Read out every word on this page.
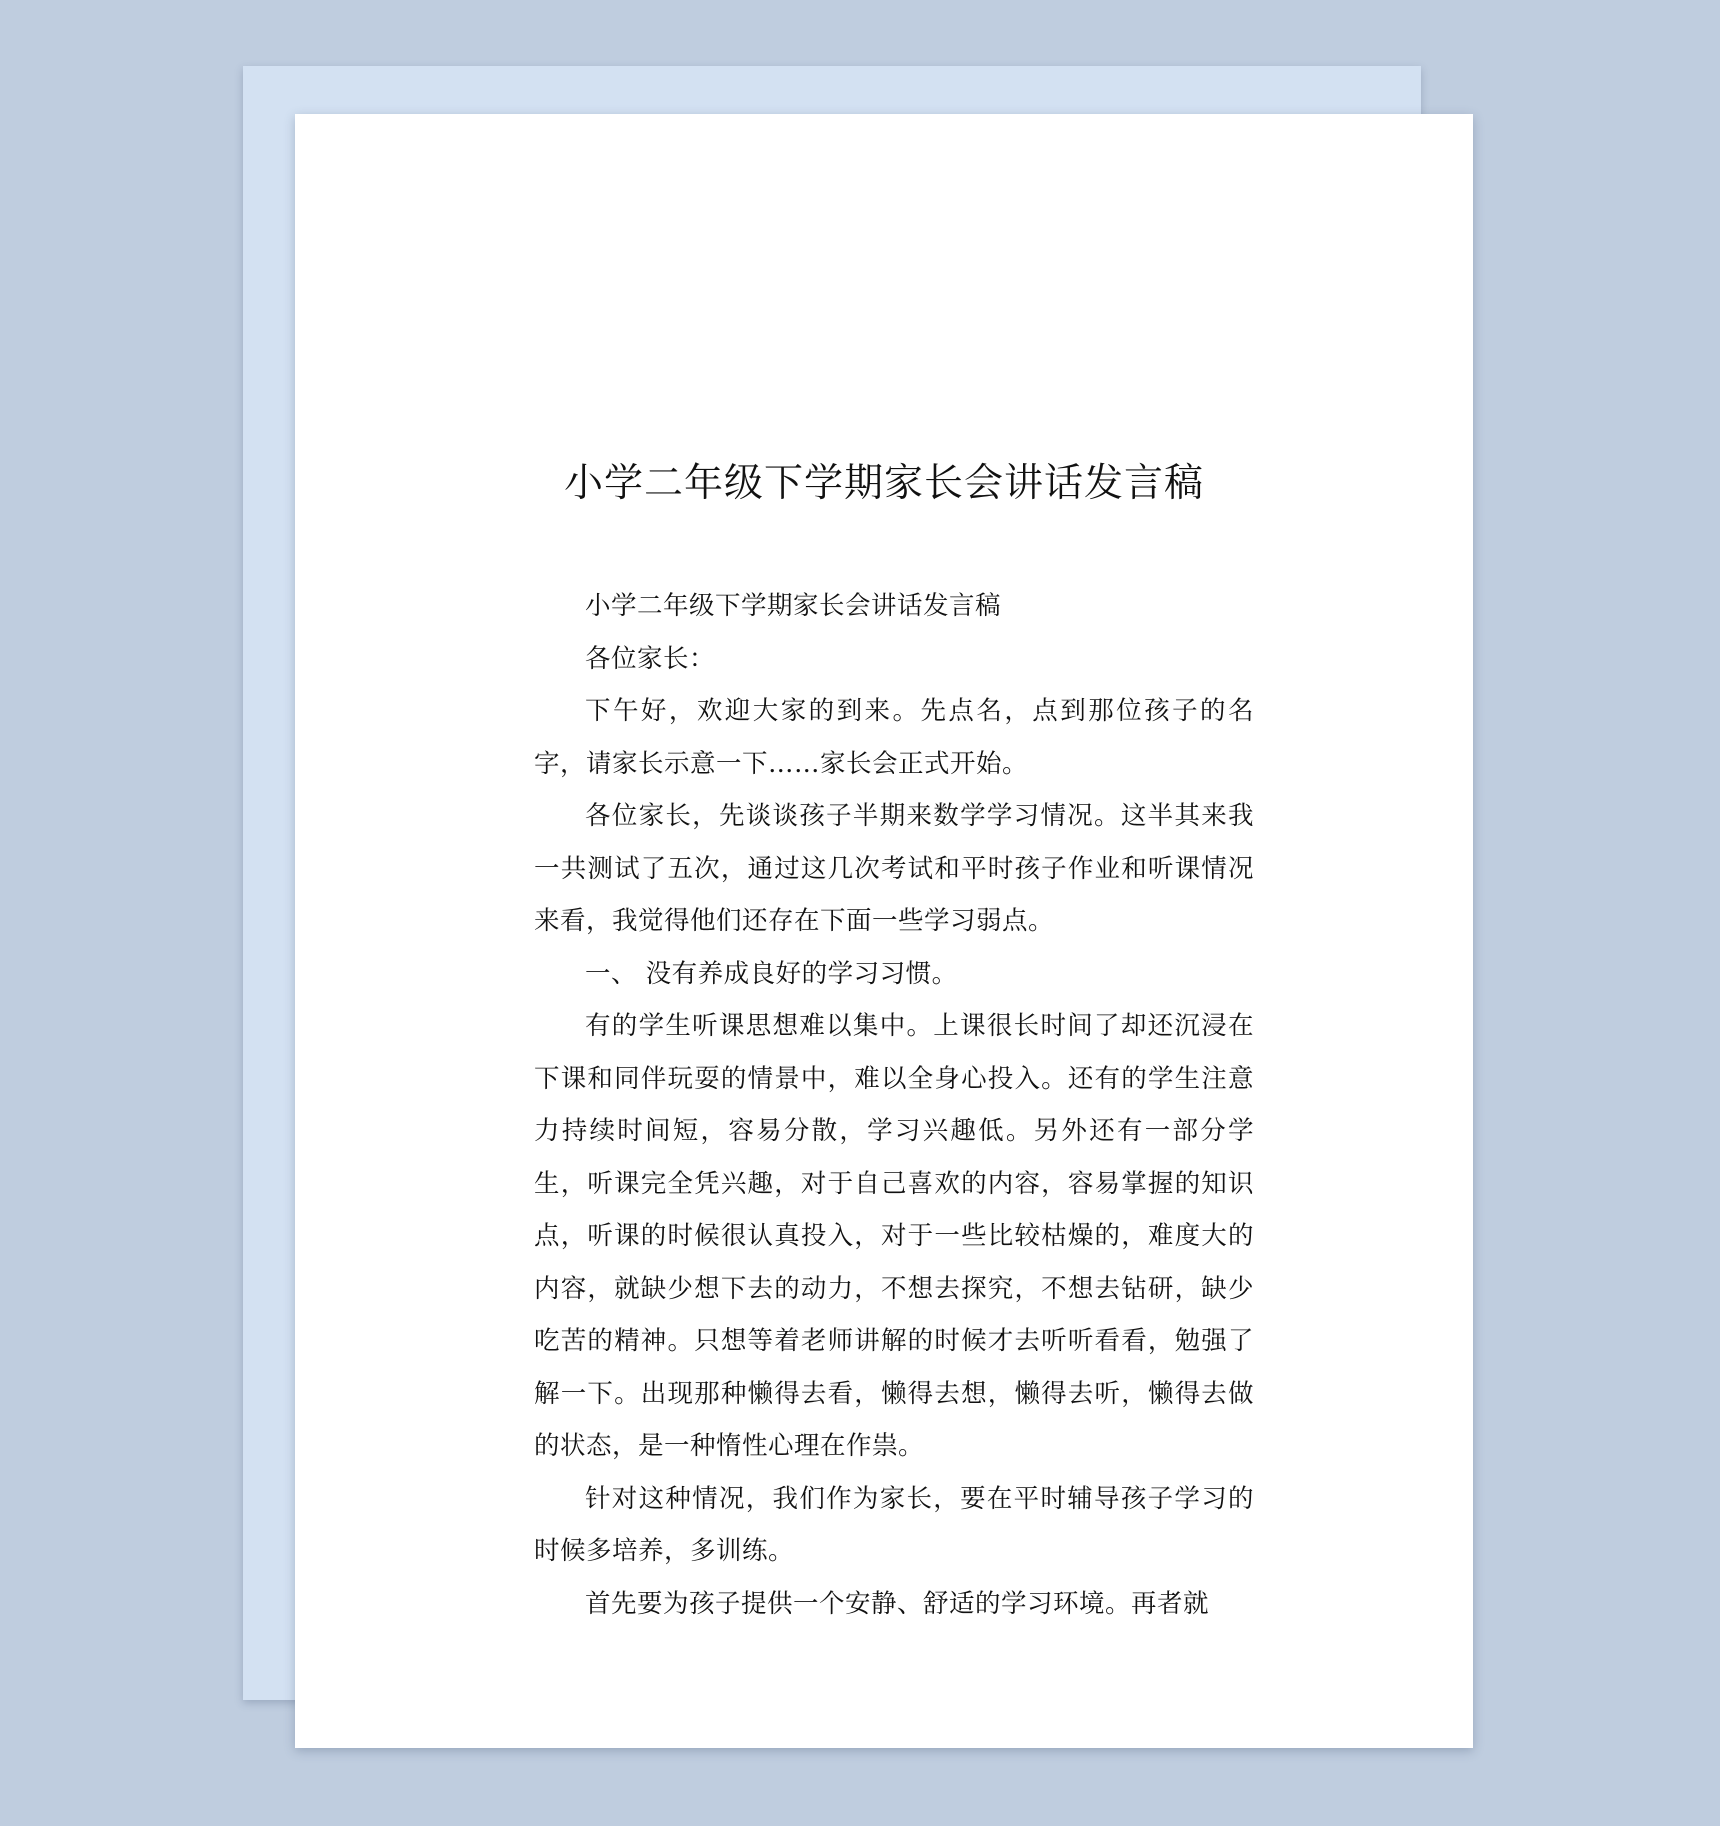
小学二年级下学期家长会讲话发言稿

小学二年级下学期家长会讲话发言稿

各位家长：

下午好，欢迎大家的到来。先点名，点到那位孩子的名字，请家长示意一下……家长会正式开始。

各位家长，先谈谈孩子半期来数学学习情况。这半其来我一共测试了五次，通过这几次考试和平时孩子作业和听课情况来看，我觉得他们还存在下面一些学习弱点。

一、 没有养成良好的学习习惯。

有的学生听课思想难以集中。上课很长时间了却还沉浸在下课和同伴玩耍的情景中，难以全身心投入。还有的学生注意力持续时间短，容易分散，学习兴趣低。另外还有一部分学生，听课完全凭兴趣，对于自己喜欢的内容，容易掌握的知识点，听课的时候很认真投入，对于一些比较枯燥的，难度大的内容，就缺少想下去的动力，不想去探究，不想去钻研，缺少吃苦的精神。只想等着老师讲解的时候才去听听看看，勉强了解一下。出现那种懒得去看，懒得去想，懒得去听，懒得去做的状态，是一种惰性心理在作祟。

针对这种情况，我们作为家长，要在平时辅导孩子学习的时候多培养，多训练。

首先要为孩子提供一个安静、舒适的学习环境。再者就
